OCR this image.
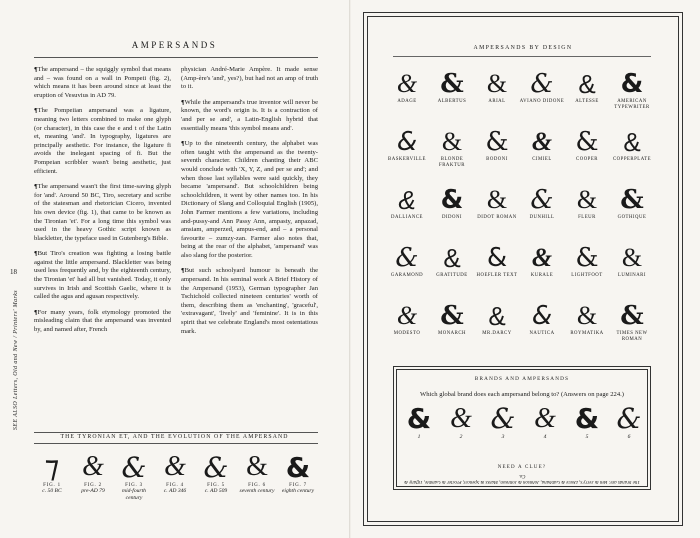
AMPERSANDS
18
SEE ALSO Letters, Old and New / Printers' Marks

¶The ampersand – the squiggly symbol that means and – was found on a wall in Pompeii (fig. 2), which means it has been around since at least the eruption of Vesuvius in AD 79.

¶The Pompeiian ampersand was a ligature, meaning two letters combined to make one glyph (or character), in this case the e and t of the Latin et, meaning 'and'. In typography, ligatures are principally aesthetic. For instance, the ligature fi avoids the inelegant spacing of fi. But the Pompeian scribbler wasn't being aesthetic, just efficient.

¶The ampersand wasn't the first time-saving glyph for 'and'. Around 50 BC, Tiro, secretary and scribe of the statesman and rhetorician Cicero, invented his own device (fig. 1), that came to be known as the Tironian 'et'. For a long time this symbol was used in the heavy Gothic script known as blackletter, the typeface used in Gutenberg's Bible.

¶But Tiro's creation was fighting a losing battle against the little ampersand. Blackletter was being used less frequently and, by the eighteenth century, the Tironian 'et' had all but vanished. Today, it only survives in Irish and Scottish Gaelic, where it is called the agus and agusan respectively.

¶For many years, folk etymology promoted the misleading claim that the ampersand was invented by, and named after, French

physician André-Marie Ampère. It made sense (Amp-ère's 'and', yes?), but had not an amp of truth to it.

¶While the ampersand's true inventor will never be known, the word's origin is. It is a contraction of 'and per se and', a Latin-English hybrid that essentially means 'this symbol means and'.

¶Up to the nineteenth century, the alphabet was often taught with the ampersand as the twenty-seventh character. Children chanting their ABC would conclude with 'X, Y, Z, and per se and'; and when those last syllables were said quickly, they became 'ampersand'. But schoolchildren being schoolchildren, it went by other names too. In his Dictionary of Slang and Colloquial English (1905), John Farmer mentions a few variations, including and-pussy-and Ann Passy Ann, ampasty, anpazad, amsiam, amperzed, ampus-end, and – a personal favourite – zumzy-zan. Farmer also notes that, being at the rear of the alphabet, 'ampersand' was also slang for the posterior.

¶But such schoolyard humour is beneath the ampersand. In his seminal work A Brief History of the Ampersand (1953), German typographer Jan Tschichold collected nineteen centuries' worth of them, describing them as 'enchanting', 'graceful', 'extravagant', 'lively' and 'feminine'. It is in this spirit that we celebrate England's most ostentatious mark.

THE TYRONIAN ET, AND THE EVOLUTION OF THE AMPERSAND
⁊
FIG. 1
c. 50 BC
&
FIG. 2
pre-AD 79
&
FIG. 3
mid-fourth century
&
FIG. 4
c. AD 346
&
FIG. 5
c. AD 509
&
FIG. 6
seventh century
&
FIG. 7
eighth century
AMPERSANDS BY DESIGN
&
ADAGE
&
ALBERTUS
&
ARIAL
&
AVIANO DIDONE
&
ALTESSE
&
AMERICAN TYPEWRITER
&
BASKERVILLE
&
BLONDE FRAKTUR
&
BODONI
&
CIMIEL
&
COOPER
&
COPPERPLATE
&
DALLIANCE
&
DIDONI
&
DIDOT ROMAN
&
DUNHILL
&
FLEUR
&
GOTHIQUE
&
GARAMOND
&
GRATITUDE
&
HOEFLER TEXT
&
KURALE
&
LIGHTFOOT
&
LUMINARI
&
MODESTO
&
MONARCH
&
MR.DARCY
&
NAUTICA
&
ROYMATIKA
&
TIMES NEW ROMAN
BRANDS AND AMPERSANDS
Which global brand does each ampersand belong to? (Answers on page 224.)
&
1
&
2
&
3
&
4
&
5
&
6
NEED A CLUE?
The brands are: Ben & Jerry's, Dolce & Gabbana, Johnson & Johnson, Marks & Spencer, Procter & Gamble, Tiffany & Co.
